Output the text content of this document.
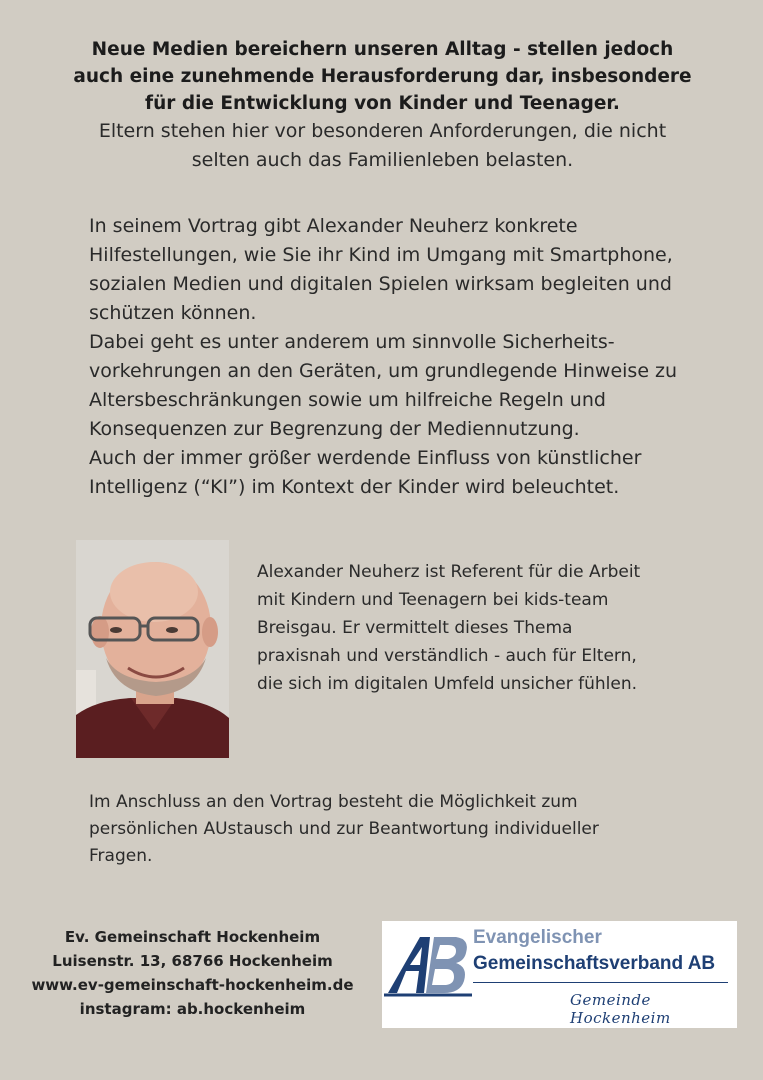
Neue Medien bereichern unseren Alltag - stellen jedoch

auch eine zunehmende Herausforderung dar, insbesondere

für die Entwicklung von Kinder und Teenager.

Eltern stehen hier vor besonderen Anforderungen, die nicht

selten auch das Familienleben belasten.

In seinem Vortrag gibt Alexander Neuherz konkrete

Hilfestellungen, wie Sie ihr Kind im Umgang mit Smartphone,

sozialen Medien und digitalen Spielen wirksam begleiten und

schützen können.

Dabei geht es unter anderem um sinnvolle Sicherheits-

vorkehrungen an den Geräten, um grundlegende Hinweise zu

Altersbeschränkungen sowie um hilfreiche Regeln und

Konsequenzen zur Begrenzung der Mediennutzung.

Auch der immer größer werdende Einfluss von künstlicher

Intelligenz (“KI”) im Kontext der Kinder wird beleuchtet.

Alexander Neuherz ist Referent für die Arbeit

mit Kindern und Teenagern bei kids-team

Breisgau. Er vermittelt dieses Thema

praxisnah und verständlich - auch für Eltern,

die sich im digitalen Umfeld unsicher fühlen.

Im Anschluss an den Vortrag besteht die Möglichkeit zum

persönlichen AUstausch und zur Beantwortung individueller

Fragen.

Ev. Gemeinschaft Hockenheim
Luisenstr. 13, 68766 Hockenheim
www.ev-gemeinschaft-hockenheim.de
instagram: ab.hockenheim
Evangelischer
Gemeinschaftsverband AB
Gemeinde Hockenheim
